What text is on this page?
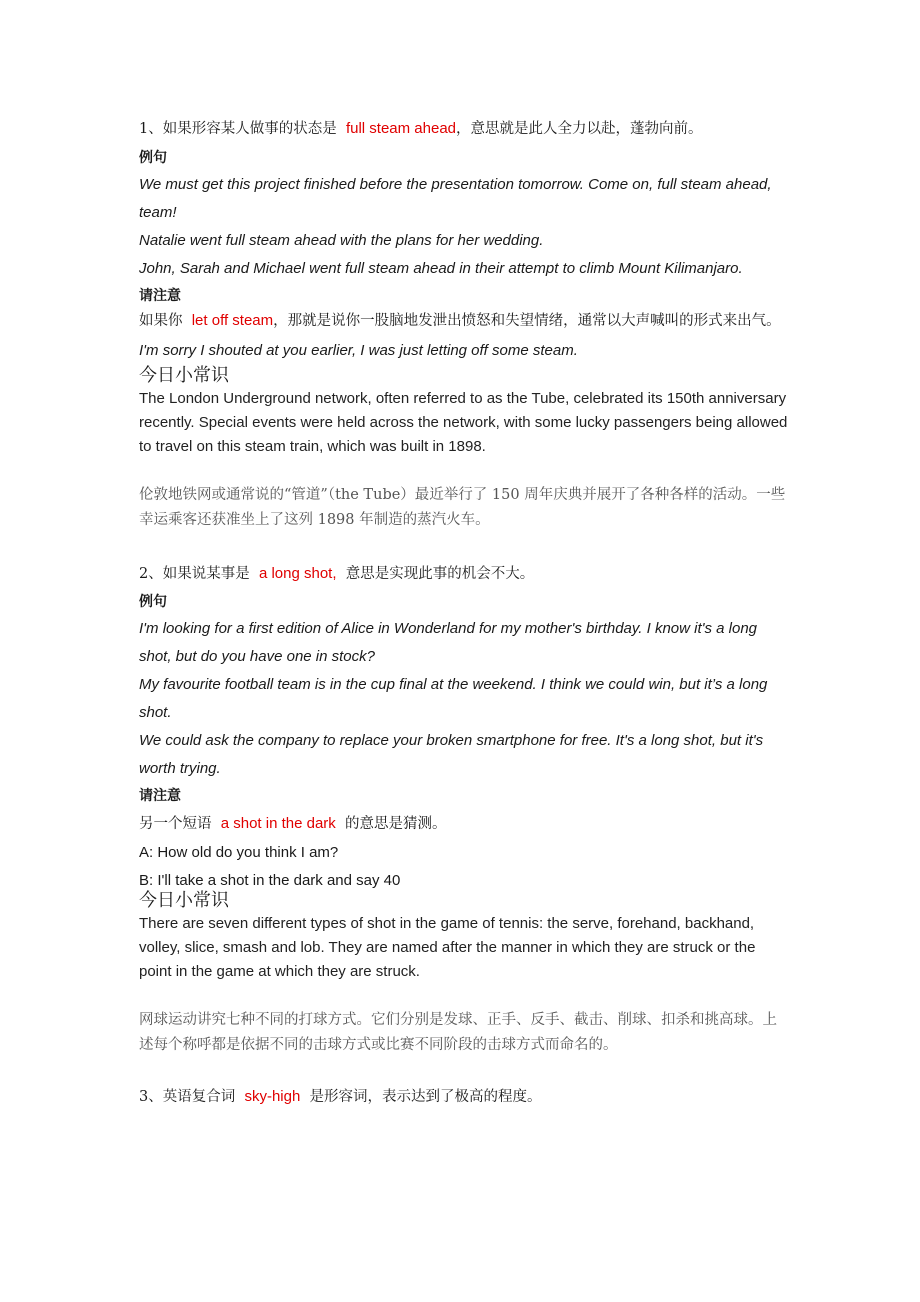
1、如果形容某人做事的状态是 full steam ahead，意思就是此人全力以赴，蓬勃向前。

例句

We must get this project finished before the presentation tomorrow. Come on, full steam ahead, team!

Natalie went full steam ahead with the plans for her wedding.

John, Sarah and Michael went full steam ahead in their attempt to climb Mount Kilimanjaro.

请注意

如果你 let off steam，那就是说你一股脑地发泄出愤怒和失望情绪，通常以大声喊叫的形式来出气。

I'm sorry I shouted at you earlier, I was just letting off some steam.

今日小常识

The London Underground network, often referred to as the Tube, celebrated its 150th anniversary recently. Special events were held across the network, with some lucky passengers being allowed to travel on this steam train, which was built in 1898.

伦敦地铁网或通常说的“管道”（the Tube）最近举行了 150 周年庆典并展开了各种各样的活动。一些幸运乘客还获准坐上了这列 1898 年制造的蒸汽火车。

2、如果说某事是 a long shot, 意思是实现此事的机会不大。

例句

I'm looking for a first edition of Alice in Wonderland for my mother's birthday. I know it's a long shot, but do you have one in stock?

My favourite football team is in the cup final at the weekend. I think we could win, but it’s a long shot.

We could ask the company to replace your broken smartphone for free. It's a long shot, but it's worth trying.

请注意

另一个短语 a shot in the dark 的意思是猜测。

A: How old do you think I am?

B: I'll take a shot in the dark and say 40

今日小常识

There are seven different types of shot in the game of tennis: the serve, forehand, backhand, volley, slice, smash and lob. They are named after the manner in which they are struck or the point in the game at which they are struck.

网球运动讲究七种不同的打球方式。它们分别是发球、正手、反手、截击、削球、扣杀和挑高球。上述每个称呼都是依据不同的击球方式或比赛不同阶段的击球方式而命名的。

3、英语复合词 sky-high 是形容词，表示达到了极高的程度。
